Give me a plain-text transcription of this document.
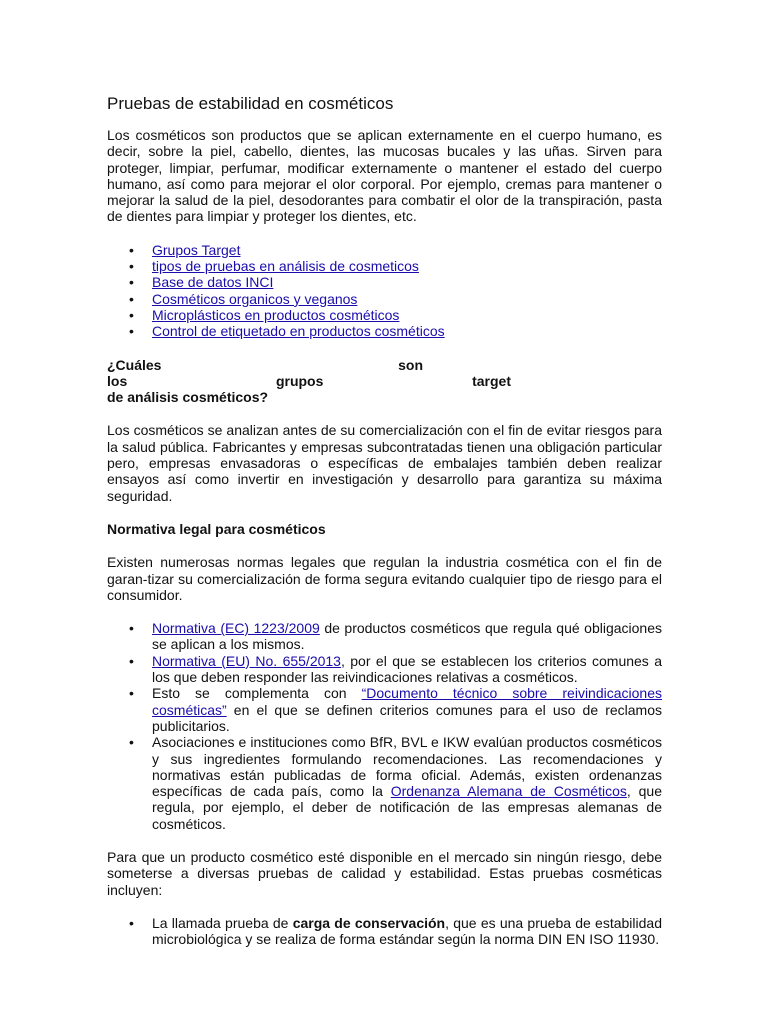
Pruebas de estabilidad en cosméticos

Los cosméticos son productos que se aplican externamente en el cuerpo humano, es decir, sobre la piel, cabello, dientes, las mucosas bucales y las uñas. Sirven para proteger, limpiar, perfumar, modificar externamente o mantener el estado del cuerpo humano, así como para mejorar el olor corporal. Por ejemplo, cremas para mantener o mejorar la salud de la piel, desodorantes para combatir el olor de la transpiración, pasta de dientes para limpiar y proteger los dientes, etc.

• Grupos Target
• tipos de pruebas en análisis de cosmeticos
• Base de datos INCI
• Cosméticos organicos y veganos
• Microplásticos en productos cosméticos
• Control de etiquetado en productos cosméticos
¿Cuáles	son
los	grupos	target
de análisis cosméticos?

Los cosméticos se analizan antes de su comercialización con el fin de evitar riesgos para la salud pública. Fabricantes y empresas subcontratadas tienen una obligación particular pero, empresas envasadoras o específicas de embalajes también deben realizar ensayos así como invertir en investigación y desarrollo para garantiza su máxima seguridad.

Normativa legal para cosméticos

Existen numerosas normas legales que regulan la industria cosmética con el fin de garan-tizar su comercialización de forma segura evitando cualquier tipo de riesgo para el consumidor.

• Normativa (EC) 1223/2009 de productos cosméticos que regula qué obligaciones se aplican a los mismos.
• Normativa (EU) No. 655/2013, por el que se establecen los criterios comunes a los que deben responder las reivindicaciones relativas a cosméticos.
• Esto se complementa con “Documento técnico sobre reivindicaciones cosméticas” en el que se definen criterios comunes para el uso de reclamos publicitarios.
• Asociaciones e instituciones como BfR, BVL e IKW evalúan productos cosméticos y sus ingredientes formulando recomendaciones. Las recomendaciones y normativas están publicadas de forma oficial. Además, existen ordenanzas específicas de cada país, como la Ordenanza Alemana de Cosméticos, que regula, por ejemplo, el deber de notificación de las empresas alemanas de cosméticos.

Para que un producto cosmético esté disponible en el mercado sin ningún riesgo, debe someterse a diversas pruebas de calidad y estabilidad. Estas pruebas cosméticas incluyen:

• La llamada prueba de carga de conservación, que es una prueba de estabilidad microbiológica y se realiza de forma estándar según la norma DIN EN ISO 11930.
